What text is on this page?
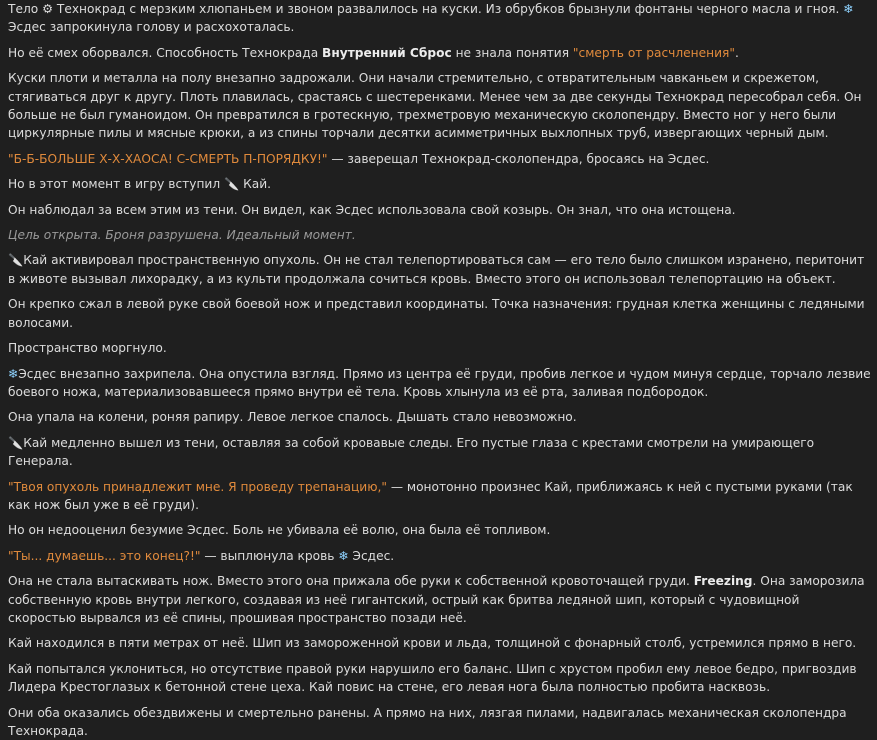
Тело ⚙ Технокрад с мерзким хлюпаньем и звоном развалилось на куски. Из обрубков брызнули фонтаны черного масла и гноя. ❄ Эсдес запрокинула голову и расхохоталась.

Но её смех оборвался. Способность Технокрада Внутренний Сброс не знала понятия "смерть от расчленения".

Куски плоти и металла на полу внезапно задрожали. Они начали стремительно, с отвратительным чавканьем и скрежетом, стягиваться друг к другу. Плоть плавилась, срастаясь с шестеренками. Менее чем за две секунды Технокрад пересобрал себя. Он больше не был гуманоидом. Он превратился в гротескную, трехметровую механическую сколопендру. Вместо ног у него были циркулярные пилы и мясные крюки, а из спины торчали десятки асимметричных выхлопных труб, извергающих черный дым.

"Б-Б-БОЛЬШЕ Х-Х-ХАОСА! С-СМЕРТЬ П-ПОРЯДКУ!" — заверещал Технокрад-сколопендра, бросаясь на Эсдес.

Но в этот момент в игру вступил 🔪 Кай.

Он наблюдал за всем этим из тени. Он видел, как Эсдес использовала свой козырь. Он знал, что она истощена.

Цель открыта. Броня разрушена. Идеальный момент.

🔪Кай активировал пространственную опухоль. Он не стал телепортироваться сам — его тело было слишком изранено, перитонит в животе вызывал лихорадку, а из культи продолжала сочиться кровь. Вместо этого он использовал телепортацию на объект.

Он крепко сжал в левой руке свой боевой нож и представил координаты. Точка назначения: грудная клетка женщины с ледяными волосами.

Пространство моргнуло.

❄Эсдес внезапно захрипела. Она опустила взгляд. Прямо из центра её груди, пробив легкое и чудом минуя сердце, торчало лезвие боевого ножа, материализовавшееся прямо внутри её тела. Кровь хлынула из её рта, заливая подбородок.

Она упала на колени, роняя рапиру. Левое легкое спалось. Дышать стало невозможно.

🔪Кай медленно вышел из тени, оставляя за собой кровавые следы. Его пустые глаза с крестами смотрели на умирающего Генерала.

"Твоя опухоль принадлежит мне. Я проведу трепанацию," — монотонно произнес Кай, приближаясь к ней с пустыми руками (так как нож был уже в её груди).

Но он недооценил безумие Эсдес. Боль не убивала её волю, она была её топливом.

"Ты... думаешь... это конец?!" — выплюнула кровь ❄ Эсдес.

Она не стала вытаскивать нож. Вместо этого она прижала обе руки к собственной кровоточащей груди. Freezing. Она заморозила собственную кровь внутри легкого, создавая из неё гигантский, острый как бритва ледяной шип, который с чудовищной скоростью вырвался из её спины, прошивая пространство позади неё.

Кай находился в пяти метрах от неё. Шип из замороженной крови и льда, толщиной с фонарный столб, устремился прямо в него.

Кай попытался уклониться, но отсутствие правой руки нарушило его баланс. Шип с хрустом пробил ему левое бедро, пригвоздив Лидера Крестоглазых к бетонной стене цеха. Кай повис на стене, его левая нога была полностью пробита насквозь.

Они оба оказались обездвижены и смертельно ранены. А прямо на них, лязгая пилами, надвигалась механическая сколопендра Технокрада.
